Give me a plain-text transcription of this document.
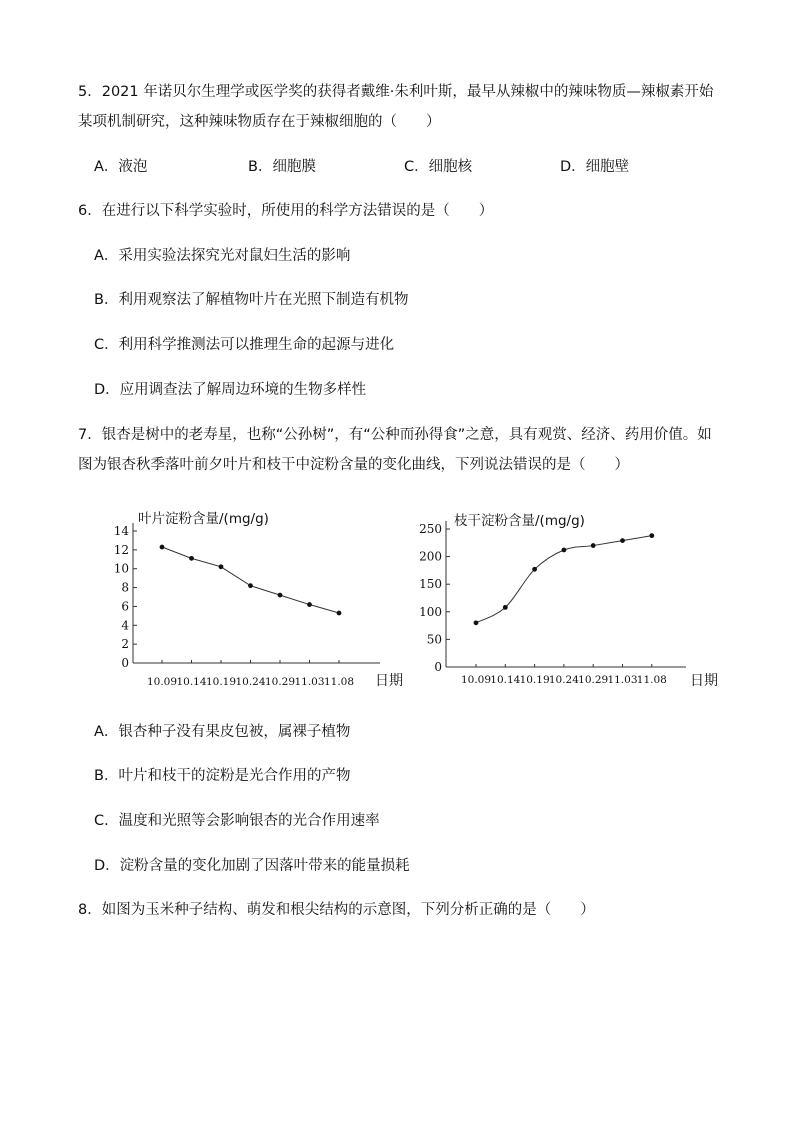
5．2021 年诺贝尔生理学或医学奖的获得者戴维·朱利叶斯，最早从辣椒中的辣味物质—辣椒素开始
某项机制研究，这种辣味物质存在于辣椒细胞的（　　）
A．液泡	B．细胞膜	C．细胞核	D．细胞壁
6．在进行以下科学实验时，所使用的科学方法错误的是（　　）
A．采用实验法探究光对鼠妇生活的影响
B．利用观察法了解植物叶片在光照下制造有机物
C．利用科学推测法可以推理生命的起源与进化
D．应用调查法了解周边环境的生物多样性
7．银杏是树中的老寿星，也称“公孙树”，有“公种而孙得食”之意，具有观赏、经济、药用价值。如
图为银杏秋季落叶前夕叶片和枝干中淀粉含量的变化曲线，下列说法错误的是（　　）
叶片淀粉含量/(mg/g)
0
2
4
6
8
10
12
14
10.09 10.14 10.19 10.24 10.29 11.03 11.08 日期
枝干淀粉含量/(mg/g)
0
50
100
150
200
250
10.09 10.14 10.19 10.24 10.29 11.03 11.08 日期
A．银杏种子没有果皮包被，属裸子植物
B．叶片和枝干的淀粉是光合作用的产物
C．温度和光照等会影响银杏的光合作用速率
D．淀粉含量的变化加剧了因落叶带来的能量损耗
8．如图为玉米种子结构、萌发和根尖结构的示意图，下列分析正确的是（　　）
